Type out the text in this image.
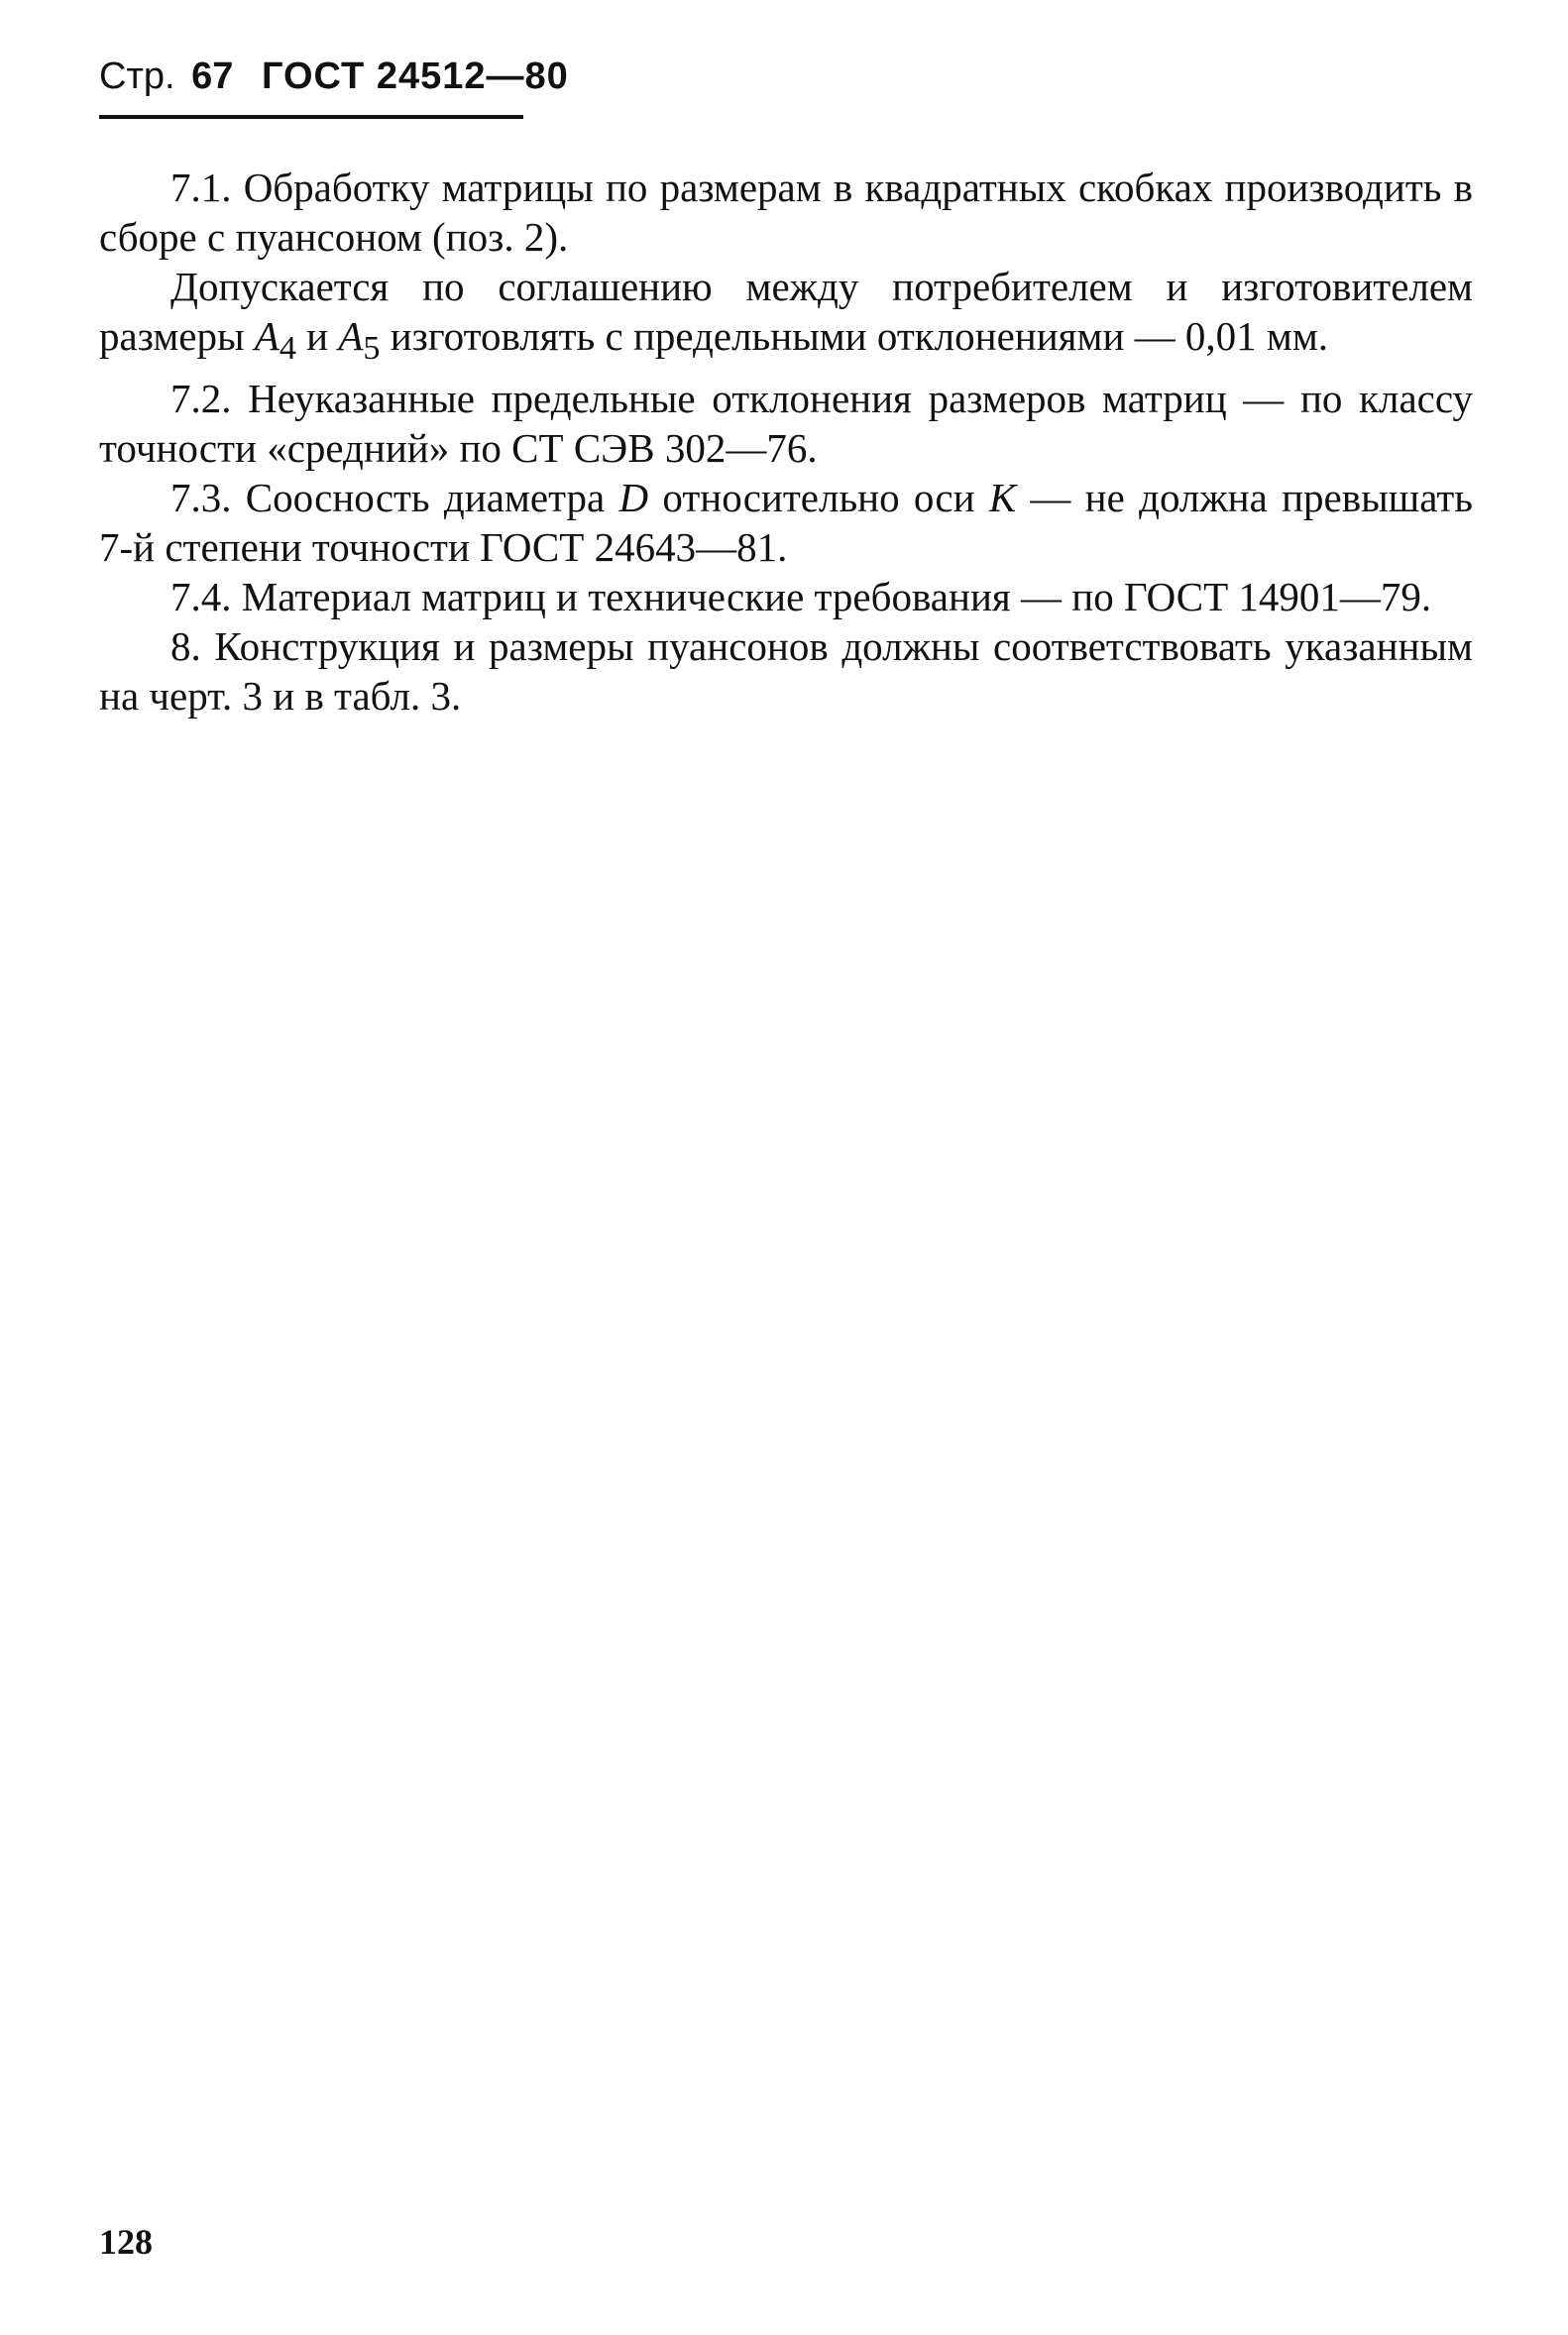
Стр. 67 ГОСТ 24512—80

7.1. Обработку матрицы по размерам в квадратных скобках производить в сборе с пуансоном (поз. 2).

Допускается по соглашению между потребителем и изготовителем размеры $A_4$ и $A_5$ изготовлять с предельными отклонениями — 0,01 мм.

7.2. Неуказанные предельные отклонения размеров матриц — по классу точности «средний» по СТ СЭВ 302—76.

7.3. Соосность диаметра D относительно оси К — не должна превышать 7-й степени точности ГОСТ 24643—81.

7.4. Материал матриц и технические требования — по ГОСТ 14901—79.

8. Конструкция и размеры пуансонов должны соответствовать указанным на черт. 3 и в табл. 3.

128
